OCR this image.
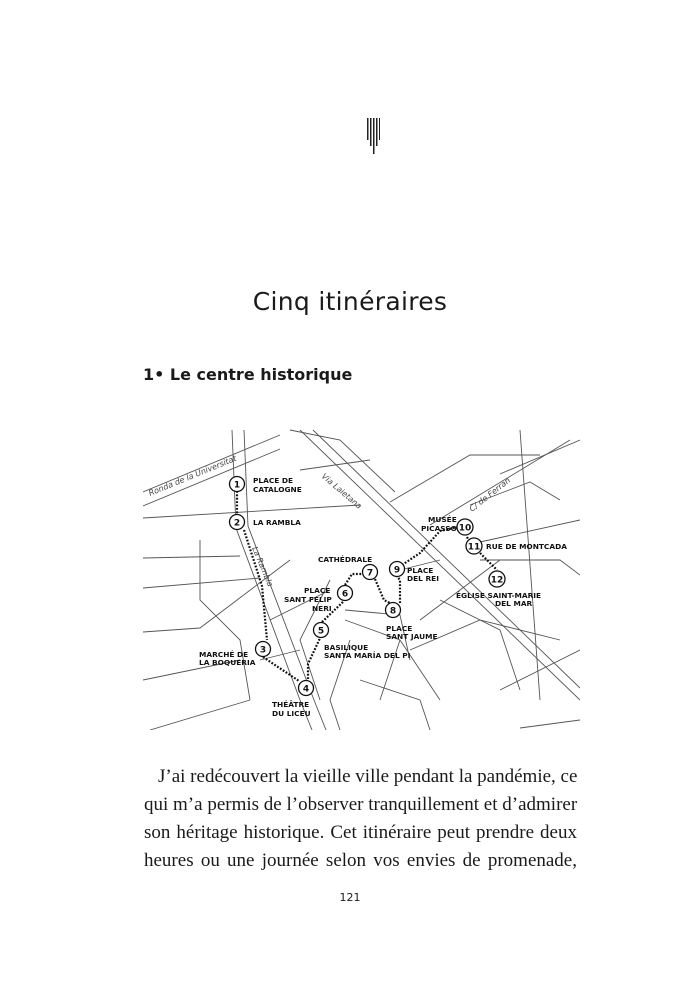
Cinq itinéraires
1• Le centre historique
Ronda de la Universitat
La Rambla
Via Laietana	C/ de Ferran
1 PLACE DE
CATALOGNE
2 LA RAMBLA
3
MARCHÉ DE
LA BOQUERIA
4
THÉÂTRE
DU LICEU
5
BASILIQUE
SANTA MARÍA DEL PI
6
PLACE
SANT FELIP
NERI
7
CATHÉDRALE
8
PLACE
SANT JAUME
9 PLACE
DEL REI
10
MUSÉE
PICASSO
11 RUE DE MONTCADA
12
ÉGLISE SAINT-MARIE
DEL MAR
J’ai redécouvert la vieille ville pendant la pandémie, ce
qui m’a permis de l’observer tranquillement et d’admirer
son héritage historique. Cet itinéraire peut prendre deux
heures ou une journée selon vos envies de promenade,
121
